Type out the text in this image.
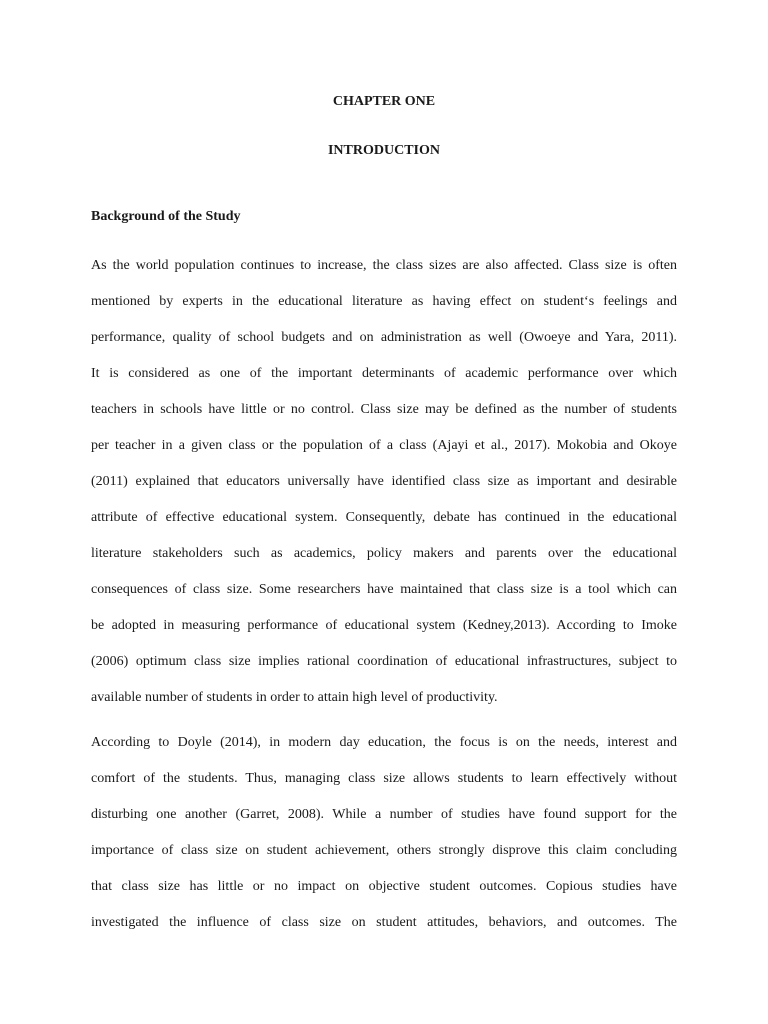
CHAPTER ONE
INTRODUCTION
Background of the Study
As the world population continues to increase, the class sizes are also affected. Class size is often
mentioned by experts in the educational literature as having effect on student‘s feelings and
performance, quality of school budgets and on administration as well (Owoeye and Yara, 2011).
It is considered as one of the important determinants of academic performance over which
teachers in schools have little or no control. Class size may be defined as the number of students
per teacher in a given class or the population of a class (Ajayi et al., 2017). Mokobia and Okoye
(2011) explained that educators universally have identified class size as important and desirable
attribute of effective educational system. Consequently, debate has continued in the educational
literature stakeholders such as academics, policy makers and parents over the educational
consequences of class size. Some researchers have maintained that class size is a tool which can
be adopted in measuring performance of educational system (Kedney,2013). According to Imoke
(2006) optimum class size implies rational coordination of educational infrastructures, subject to
available number of students in order to attain high level of productivity.
According to Doyle (2014), in modern day education, the focus is on the needs, interest and
comfort of the students. Thus, managing class size allows students to learn effectively without
disturbing one another (Garret, 2008). While a number of studies have found support for the
importance of class size on student achievement, others strongly disprove this claim concluding
that class size has little or no impact on objective student outcomes. Copious studies have
investigated the influence of class size on student attitudes, behaviors, and outcomes. The
